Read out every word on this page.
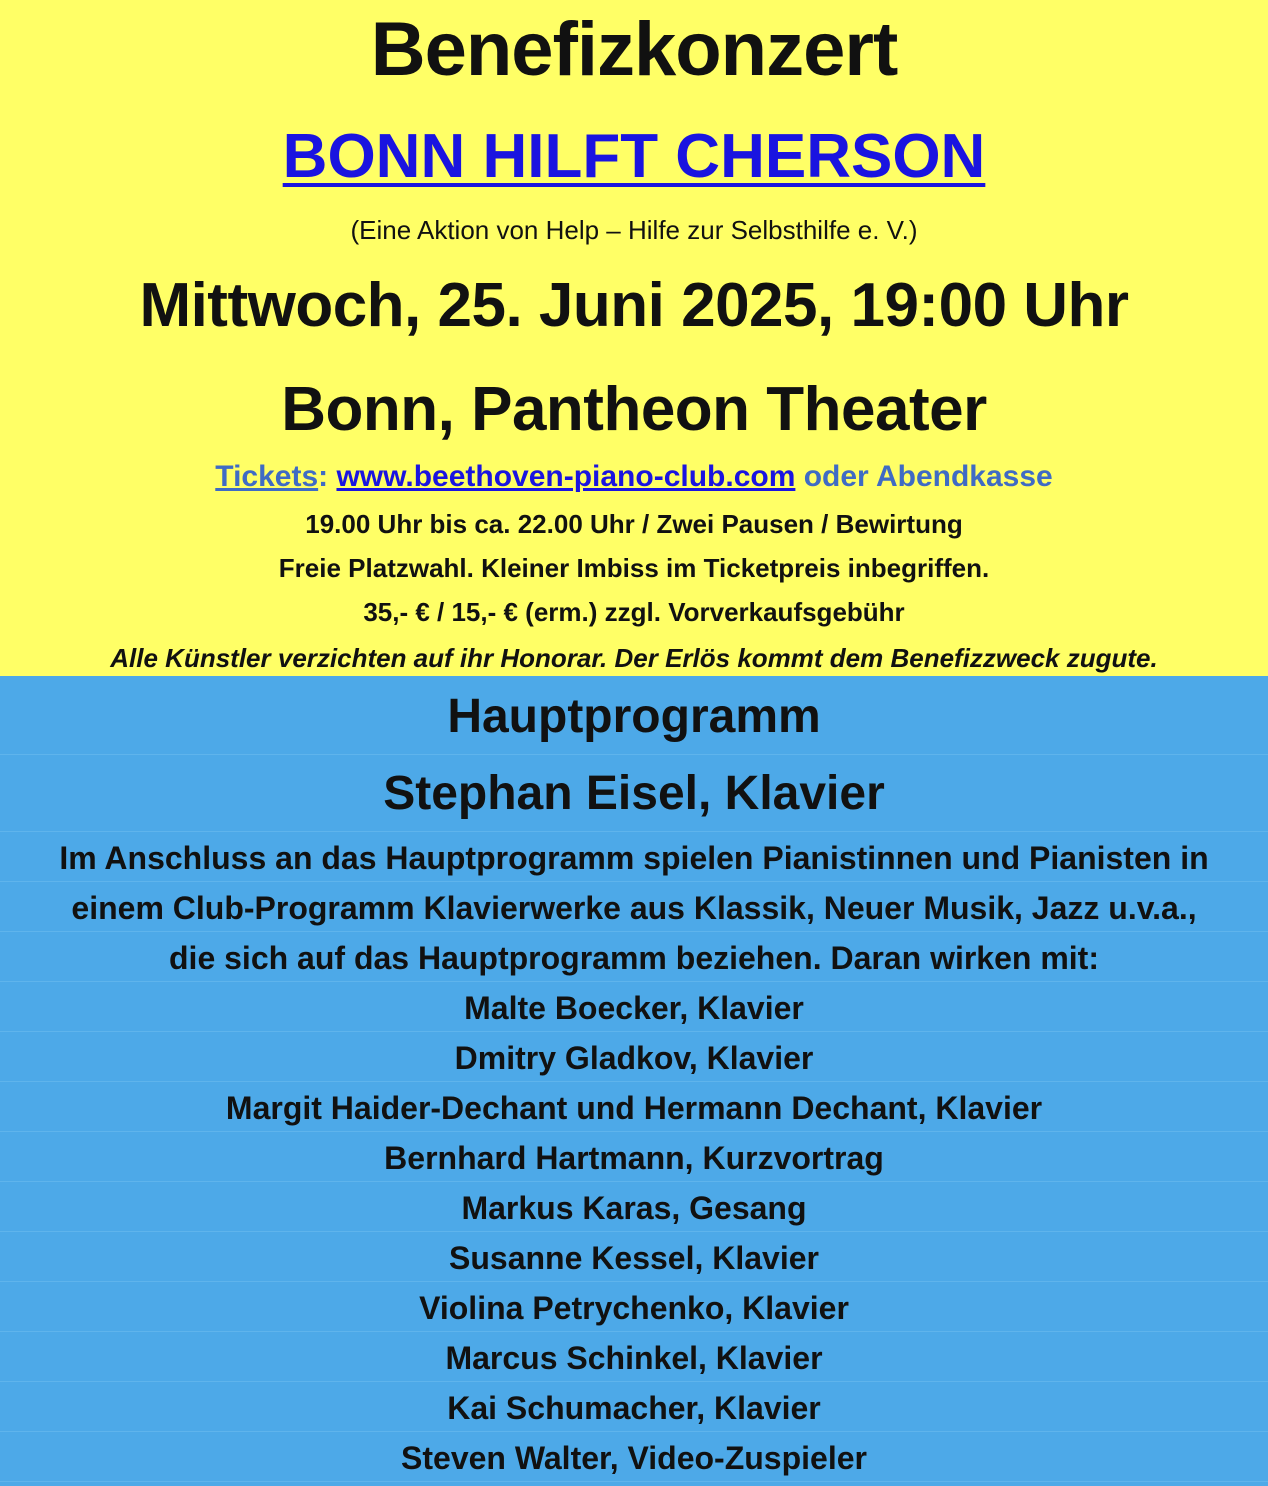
Benefizkonzert
BONN HILFT CHERSON
(Eine Aktion von Help – Hilfe zur Selbsthilfe e. V.)
Mittwoch, 25. Juni 2025, 19:00 Uhr
Bonn, Pantheon Theater
Tickets: www.beethoven-piano-club.com oder Abendkasse
19.00 Uhr bis ca. 22.00 Uhr / Zwei Pausen / Bewirtung
Freie Platzwahl. Kleiner Imbiss im Ticketpreis inbegriffen.
35,- € / 15,- € (erm.) zzgl. Vorverkaufsgebühr
Alle Künstler verzichten auf ihr Honorar. Der Erlös kommt dem Benefizzweck zugute.
Hauptprogramm
Stephan Eisel, Klavier
Im Anschluss an das Hauptprogramm spielen Pianistinnen und Pianisten in
einem Club-Programm Klavierwerke aus Klassik, Neuer Musik, Jazz u.v.a.,
die sich auf das Hauptprogramm beziehen. Daran wirken mit:
Malte Boecker, Klavier
Dmitry Gladkov, Klavier
Margit Haider-Dechant und Hermann Dechant, Klavier
Bernhard Hartmann, Kurzvortrag
Markus Karas, Gesang
Susanne Kessel, Klavier
Violina Petrychenko, Klavier
Marcus Schinkel, Klavier
Kai Schumacher, Klavier
Steven Walter, Video-Zuspieler
